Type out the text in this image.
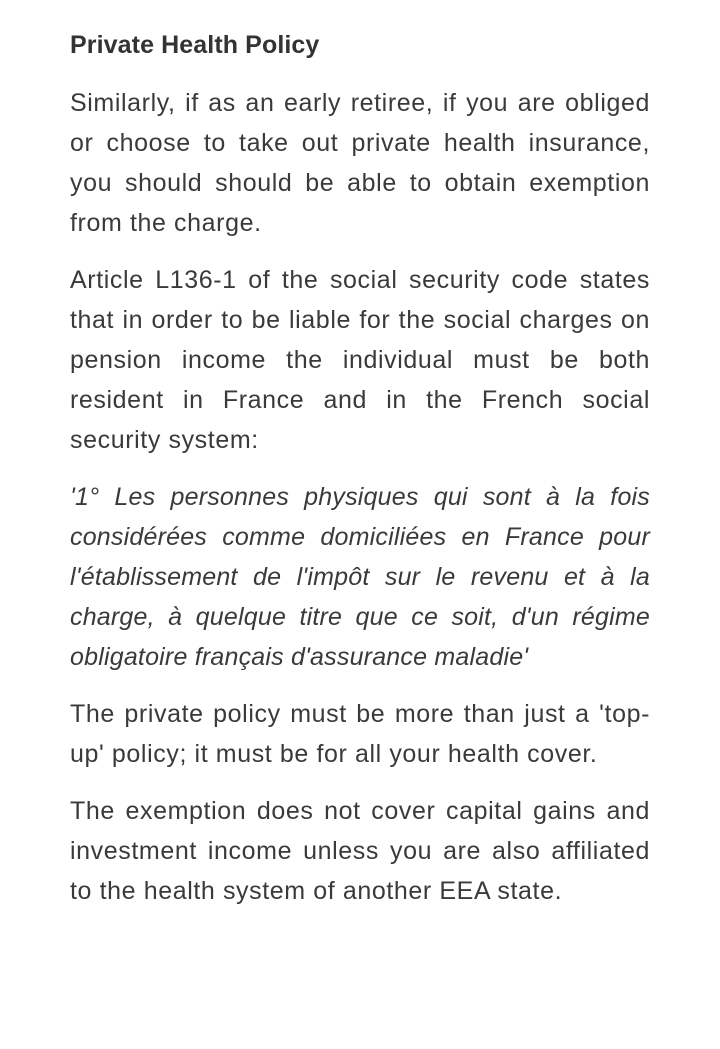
Private Health Policy

Similarly, if as an early retiree, if you are obliged or choose to take out private health insurance, you should should be able to obtain exemption from the charge.

Article L136-1 of the social security code states that in order to be liable for the social charges on pension income the individual must be both resident in France and in the French social security system:

'1° Les personnes physiques qui sont à la fois considérées comme domiciliées en France pour l'établissement de l'impôt sur le revenu et à la charge, à quelque titre que ce soit, d'un régime obligatoire français d'assurance maladie'

The private policy must be more than just a 'top-up' policy; it must be for all your health cover.

The exemption does not cover capital gains and investment income unless you are also affiliated to the health system of another EEA state.
